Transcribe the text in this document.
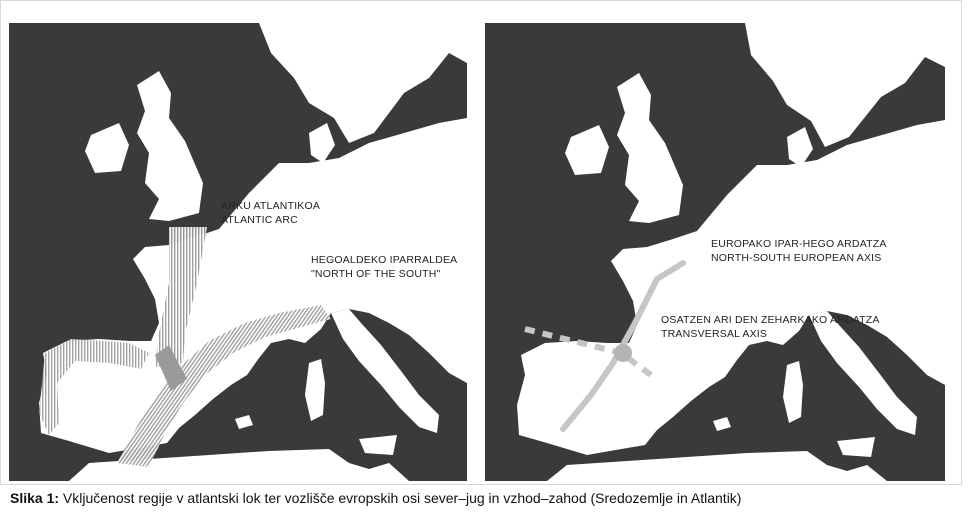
ARKU ATLANTIKOA
ATLANTIC ARC
HEGOALDEKO IPARRALDEA
"NORTH OF THE SOUTH"
EUROPAKO IPAR-HEGO ARDATZA
NORTH-SOUTH EUROPEAN AXIS
OSATZEN ARI DEN ZEHARKAKO ARDATZA
TRANSVERSAL AXIS
Slika 1: Vključenost regije v atlantski lok ter vozlišče evropskih osi sever–jug in vzhod–zahod (Sredozemlje in Atlantik)
